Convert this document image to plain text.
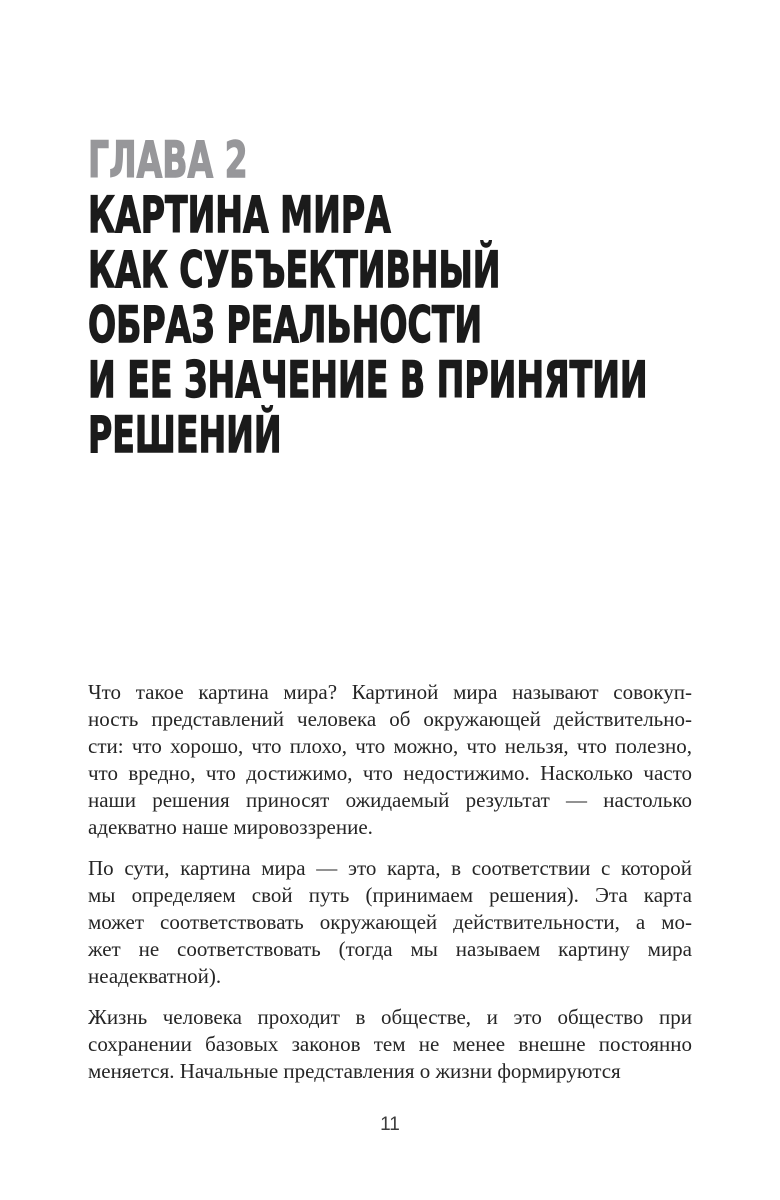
ГЛАВА 2
КАРТИНА МИРА
КАК СУБЪЕКТИВНЫЙ
ОБРАЗ РЕАЛЬНОСТИ
И ЕЕ ЗНАЧЕНИЕ В ПРИНЯТИИ
РЕШЕНИЙ
Что такое картина мира? Картиной мира называют совокуп-
ность представлений человека об окружающей действительно-
сти: что хорошо, что плохо, что можно, что нельзя, что полезно,
что вредно, что достижимо, что недостижимо. Насколько часто
наши решения приносят ожидаемый результат — настолько
адекватно наше мировоззрение.
По сути, картина мира — это карта, в соответствии с которой
мы определяем свой путь (принимаем решения). Эта карта
может соответствовать окружающей действительности, а мо-
жет не соответствовать (тогда мы называем картину мира
неадекватной).
Жизнь человека проходит в обществе, и это общество при
сохранении базовых законов тем не менее внешне постоянно
меняется. Начальные представления о жизни формируются
11
